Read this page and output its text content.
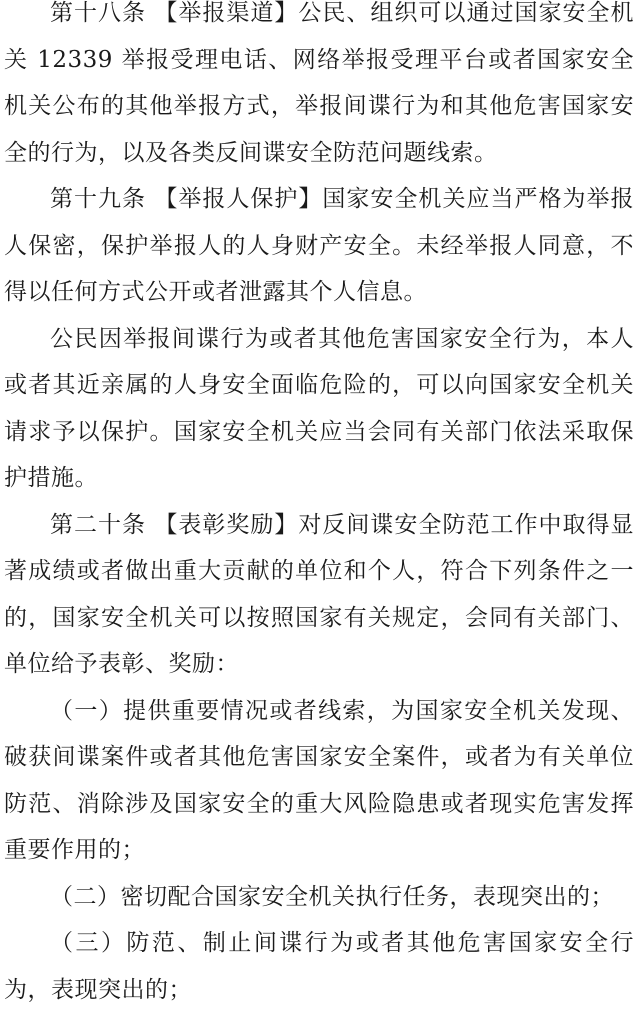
第十八条 【举报渠道】公民、组织可以通过国家安全机关 12339 举报受理电话、网络举报受理平台或者国家安全机关公布的其他举报方式，举报间谍行为和其他危害国家安全的行为，以及各类反间谍安全防范问题线索。

第十九条 【举报人保护】国家安全机关应当严格为举报人保密，保护举报人的人身财产安全。未经举报人同意，不得以任何方式公开或者泄露其个人信息。

公民因举报间谍行为或者其他危害国家安全行为，本人或者其近亲属的人身安全面临危险的，可以向国家安全机关请求予以保护。国家安全机关应当会同有关部门依法采取保护措施。

第二十条 【表彰奖励】对反间谍安全防范工作中取得显著成绩或者做出重大贡献的单位和个人，符合下列条件之一的，国家安全机关可以按照国家有关规定，会同有关部门、单位给予表彰、奖励：

（一）提供重要情况或者线索，为国家安全机关发现、破获间谍案件或者其他危害国家安全案件，或者为有关单位防范、消除涉及国家安全的重大风险隐患或者现实危害发挥重要作用的；

（二）密切配合国家安全机关执行任务，表现突出的；

（三）防范、制止间谍行为或者其他危害国家安全行为，表现突出的；
